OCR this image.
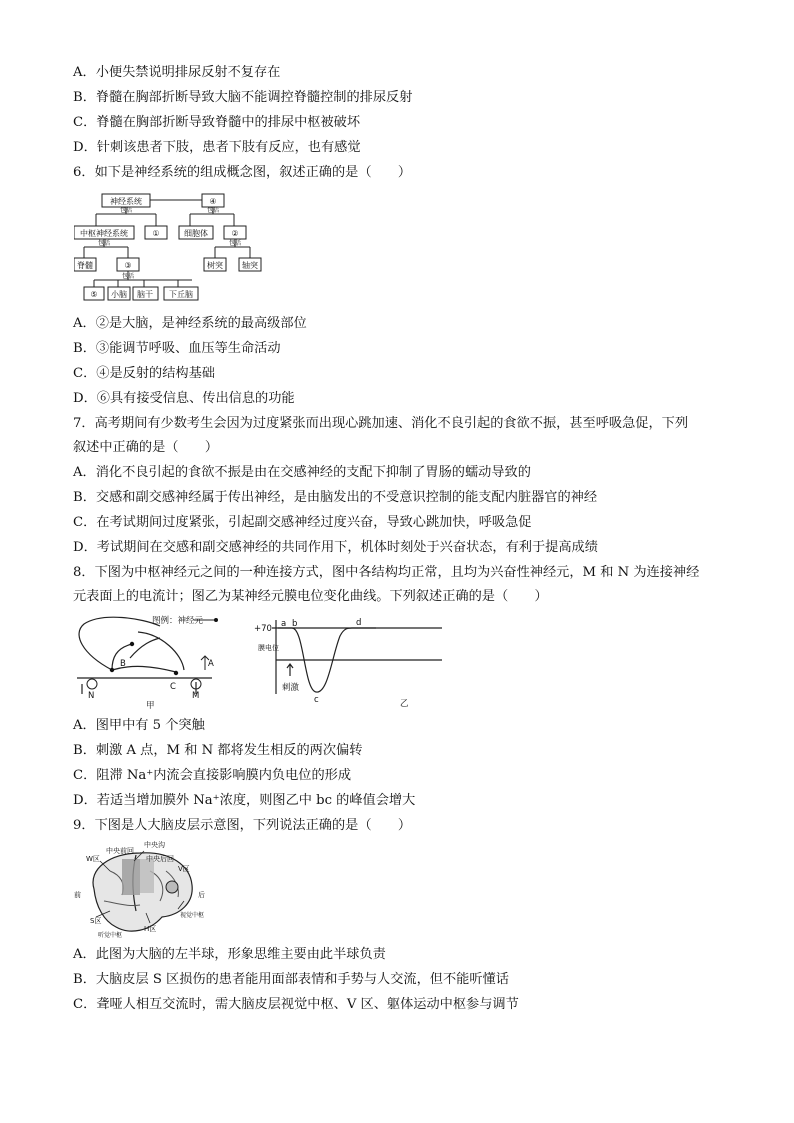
A．小便失禁说明排尿反射不复存在
B．脊髓在胸部折断导致大脑不能调控脊髓控制的排尿反射
C．脊髓在胸部折断导致脊髓中的排尿中枢被破坏
D．针刺该患者下肢，患者下肢有反应，也有感觉
6．如下是神经系统的组成概念图，叙述正确的是（　　）
神经系统	④
中枢神经系统	①	细胞体	②
脊髓	③	树突 轴突
⑤ 小脑 脑干 下丘脑
包括	包括
包括	包括
包括
A．②是大脑，是神经系统的最高级部位
B．③能调节呼吸、血压等生命活动
C．④是反射的结构基础
D．⑥具有接受信息、传出信息的功能
7．高考期间有少数考生会因为过度紧张而出现心跳加速、消化不良引起的食欲不振，甚至呼吸急促，下列
叙述中正确的是（　　）
A．消化不良引起的食欲不振是由在交感神经的支配下抑制了胃肠的蠕动导致的
B．交感和副交感神经属于传出神经，是由脑发出的不受意识控制的能支配内脏器官的神经
C．在考试期间过度紧张，引起副交感神经过度兴奋，导致心跳加快，呼吸急促
D．考试期间在交感和副交感神经的共同作用下，机体时刻处于兴奋状态，有利于提高成绩
8．下图为中枢神经元之间的一种连接方式，图中各结构均正常，且均为兴奋性神经元，M 和 N 为连接神经
元表面上的电流计；图乙为某神经元膜电位变化曲线。下列叙述正确的是（　　）
图例：神经元
A
B
C
M
N
甲
+70
膜电位
a b
c
d
刺激
乙
A．图甲中有 5 个突触
B．刺激 A 点，M 和 N 都将发生相反的两次偏转
C．阻滞 Na⁺内流会直接影响膜内负电位的形成
D．若适当增加膜外 Na⁺浓度，则图乙中 bc 的峰值会增大
9．下图是人大脑皮层示意图，下列说法正确的是（　　）
W区
中央前回
中央沟
中央后回
V区
前	后
S区
H区
视觉中枢
听觉中枢
A．此图为大脑的左半球，形象思维主要由此半球负责
B．大脑皮层 S 区损伤的患者能用面部表情和手势与人交流，但不能听懂话
C．聋哑人相互交流时，需大脑皮层视觉中枢、V 区、躯体运动中枢参与调节
